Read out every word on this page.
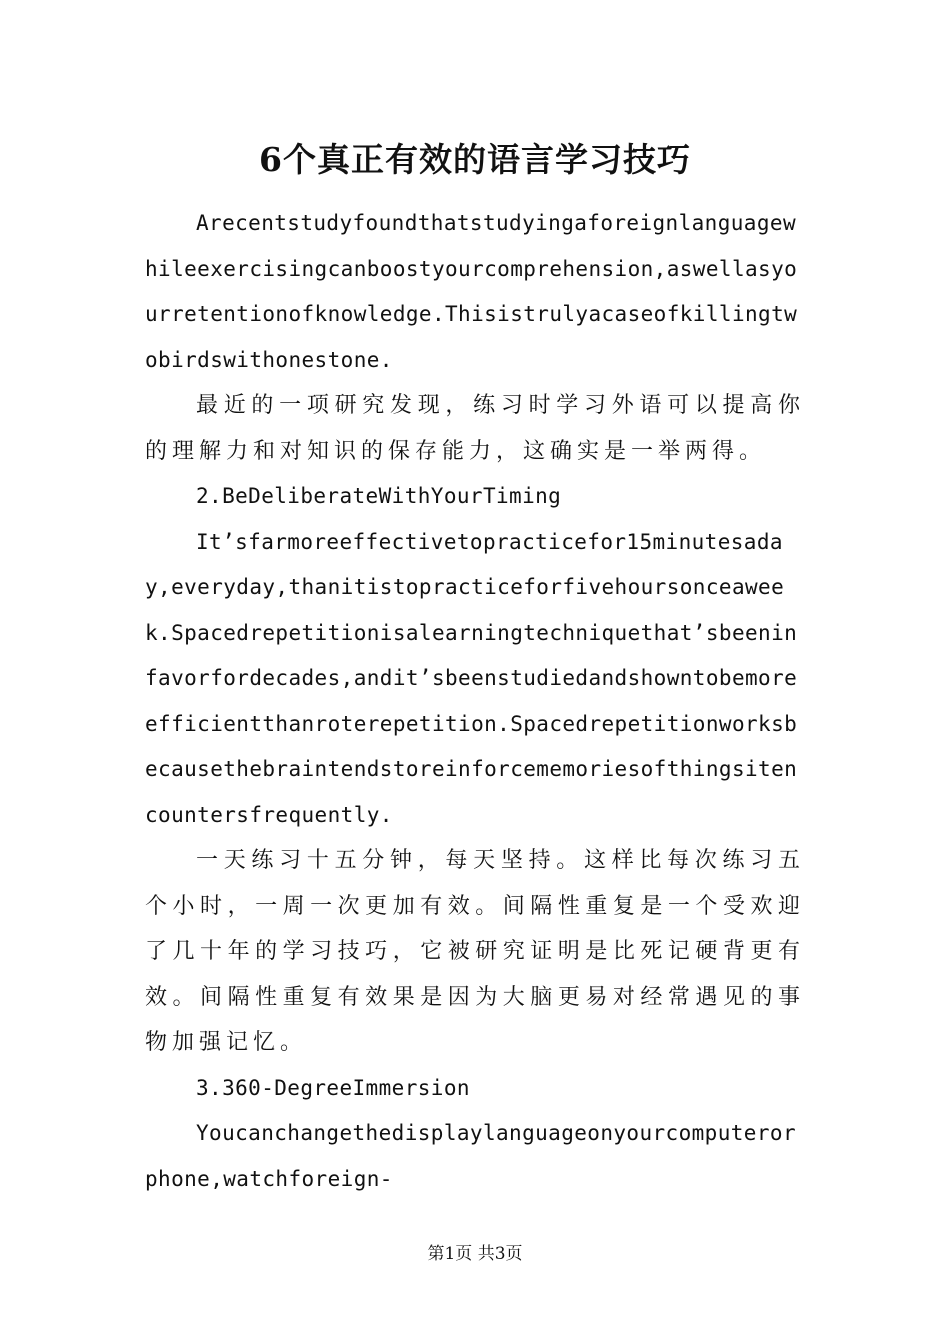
6个真正有效的语言学习技巧

Arecentstudyfoundthatstudyingaforeignlanguagewhileexercisingcanboostyourcomprehension,aswellasyourretentionofknowledge.Thisistrulyacaseofkillingtwobirdswithonestone.

最近的一项研究发现，练习时学习外语可以提高你的理解力和对知识的保存能力，这确实是一举两得。

2.BeDeliberateWithYourTiming

It’sfarmoreeffectivetopracticefor15minutesaday,everyday,thanitistopracticeforfivehoursonceaweek.Spacedrepetitionisalearningtechniquethat’sbeeninfavorfordecades,andit’sbeenstudiedandshowntobemoreefficientthanroterepetition.Spacedrepetitionworksbecausethebraintendstoreinforcememoriesofthingsitencountersfrequently.

一天练习十五分钟，每天坚持。这样比每次练习五个小时，一周一次更加有效。间隔性重复是一个受欢迎了几十年的学习技巧，它被研究证明是比死记硬背更有效。间隔性重复有效果是因为大脑更易对经常遇见的事物加强记忆。

3.360-DegreeImmersion

Youcanchangethedisplaylanguageonyourcomputerorphone,watchforeign-

第1页 共3页
